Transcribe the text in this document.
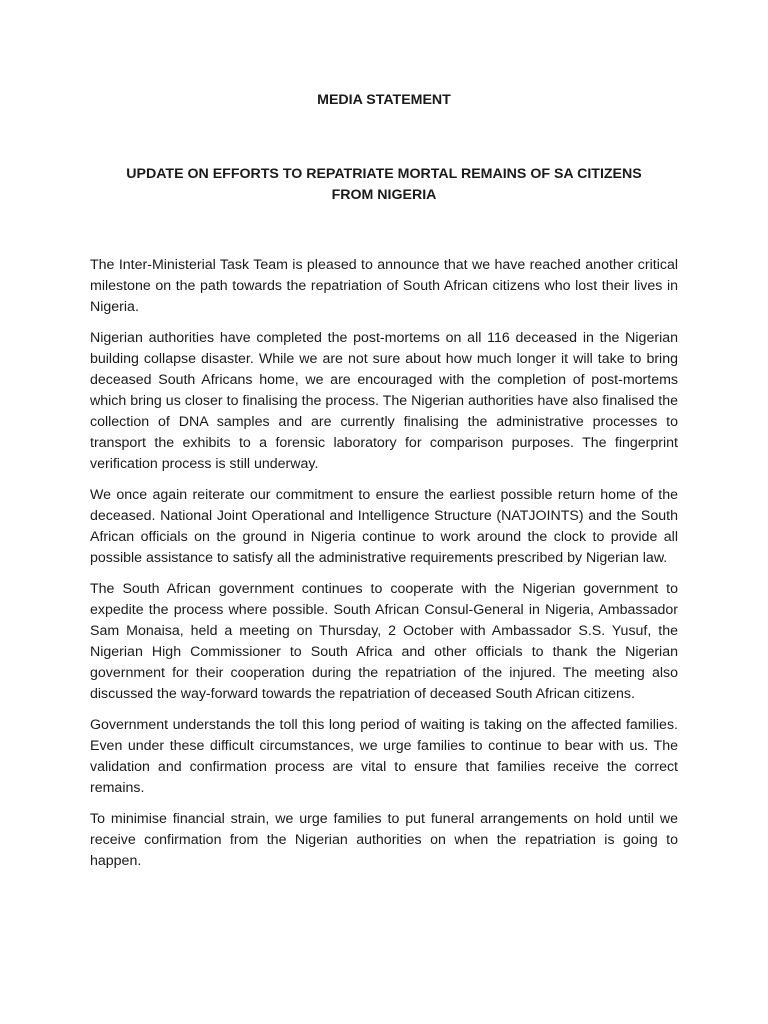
MEDIA STATEMENT

UPDATE ON EFFORTS TO REPATRIATE MORTAL REMAINS OF SA CITIZENS
FROM NIGERIA

The Inter-Ministerial Task Team is pleased to announce that we have reached another critical milestone on the path towards the repatriation of South African citizens who lost their lives in Nigeria.

Nigerian authorities have completed the post-mortems on all 116 deceased in the Nigerian building collapse disaster. While we are not sure about how much longer it will take to bring deceased South Africans home, we are encouraged with the completion of post-mortems which bring us closer to finalising the process. The Nigerian authorities have also finalised the collection of DNA samples and are currently finalising the administrative processes to transport the exhibits to a forensic laboratory for comparison purposes. The fingerprint verification process is still underway.

We once again reiterate our commitment to ensure the earliest possible return home of the deceased. National Joint Operational and Intelligence Structure (NATJOINTS) and the South African officials on the ground in Nigeria continue to work around the clock to provide all possible assistance to satisfy all the administrative requirements prescribed by Nigerian law.

The South African government continues to cooperate with the Nigerian government to expedite the process where possible. South African Consul-General in Nigeria, Ambassador Sam Monaisa, held a meeting on Thursday, 2 October with Ambassador S.S. Yusuf, the Nigerian High Commissioner to South Africa and other officials to thank the Nigerian government for their cooperation during the repatriation of the injured. The meeting also discussed the way-forward towards the repatriation of deceased South African citizens.

Government understands the toll this long period of waiting is taking on the affected families. Even under these difficult circumstances, we urge families to continue to bear with us. The validation and confirmation process are vital to ensure that families receive the correct remains.

To minimise financial strain, we urge families to put funeral arrangements on hold until we receive confirmation from the Nigerian authorities on when the repatriation is going to happen.
